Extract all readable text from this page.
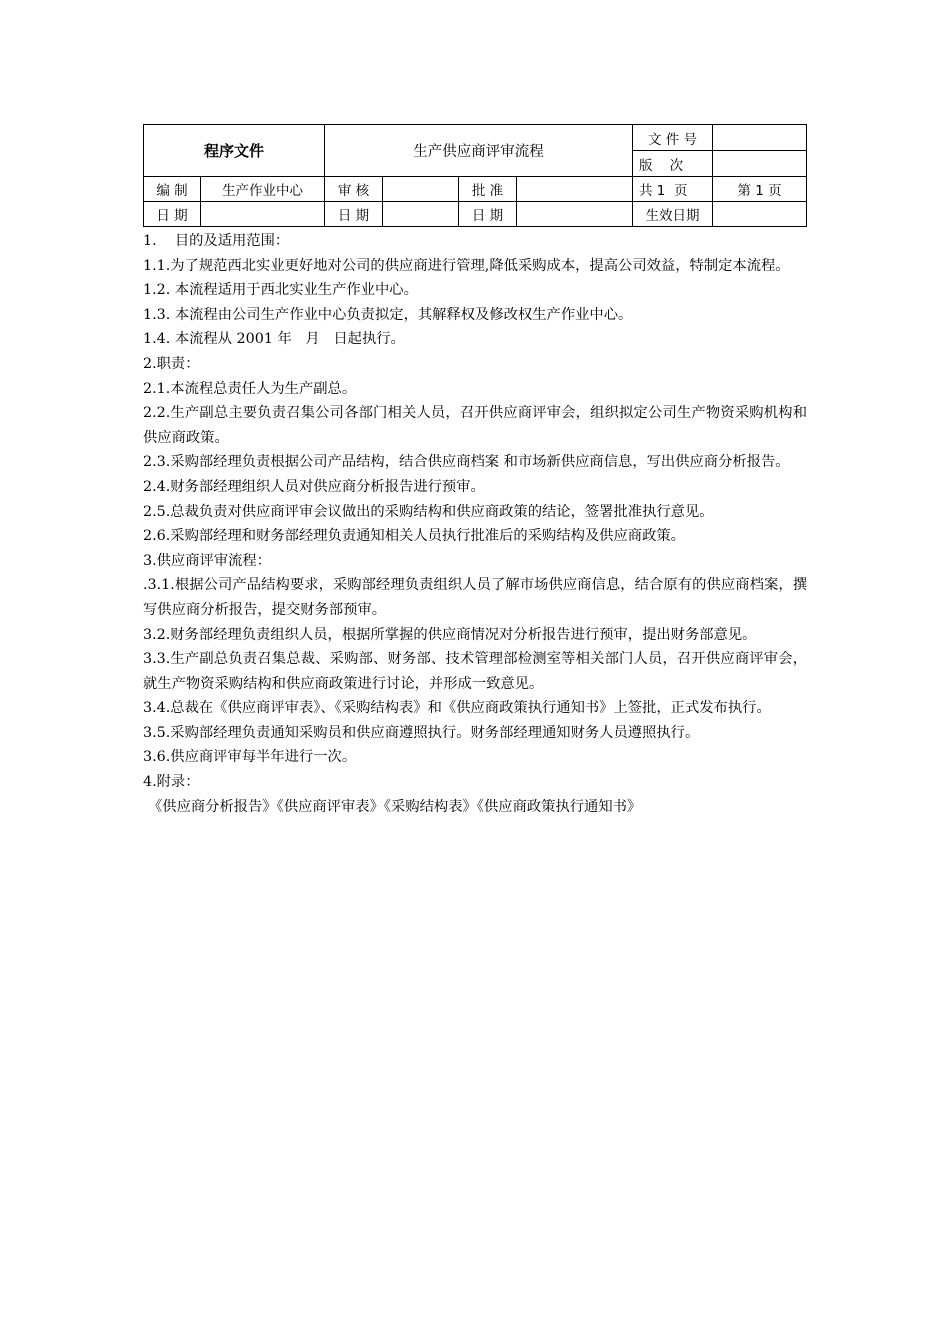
程序文件		生产供应商评审流程				文 件 号	
						版    次	
编 制	生产作业中心	审 核		批 准		共 1  页	第 1 页
日 期		日 期		日 期		生效日期	

1.    目的及适用范围：

1.1.为了规范西北实业更好地对公司的供应商进行管理,降低采购成本，提高公司效益，特制定本流程。

1.2. 本流程适用于西北实业生产作业中心。

1.3. 本流程由公司生产作业中心负责拟定，其解释权及修改权生产作业中心。

1.4. 本流程从 2001 年   月   日起执行。

2.职责：

2.1.本流程总责任人为生产副总。

2.2.生产副总主要负责召集公司各部门相关人员，召开供应商评审会，组织拟定公司生产物资采购机构和供应商政策。

2.3.采购部经理负责根据公司产品结构，结合供应商档案 和市场新供应商信息，写出供应商分析报告。

2.4.财务部经理组织人员对供应商分析报告进行预审。

2.5.总裁负责对供应商评审会议做出的采购结构和供应商政策的结论，签署批准执行意见。

2.6.采购部经理和财务部经理负责通知相关人员执行批准后的采购结构及供应商政策。

3.供应商评审流程：

.3.1.根据公司产品结构要求，采购部经理负责组织人员了解市场供应商信息，结合原有的供应商档案，撰写供应商分析报告，提交财务部预审。

3.2.财务部经理负责组织人员，根据所掌握的供应商情况对分析报告进行预审，提出财务部意见。

3.3.生产副总负责召集总裁、采购部、财务部、技术管理部检测室等相关部门人员，召开供应商评审会，就生产物资采购结构和供应商政策进行讨论，并形成一致意见。

3.4.总裁在《供应商评审表》、《采购结构表》和《供应商政策执行通知书》上签批，正式发布执行。

3.5.采购部经理负责通知采购员和供应商遵照执行。财务部经理通知财务人员遵照执行。

3.6.供应商评审每半年进行一次。

4.附录：

《供应商分析报告》《供应商评审表》《采购结构表》《供应商政策执行通知书》
